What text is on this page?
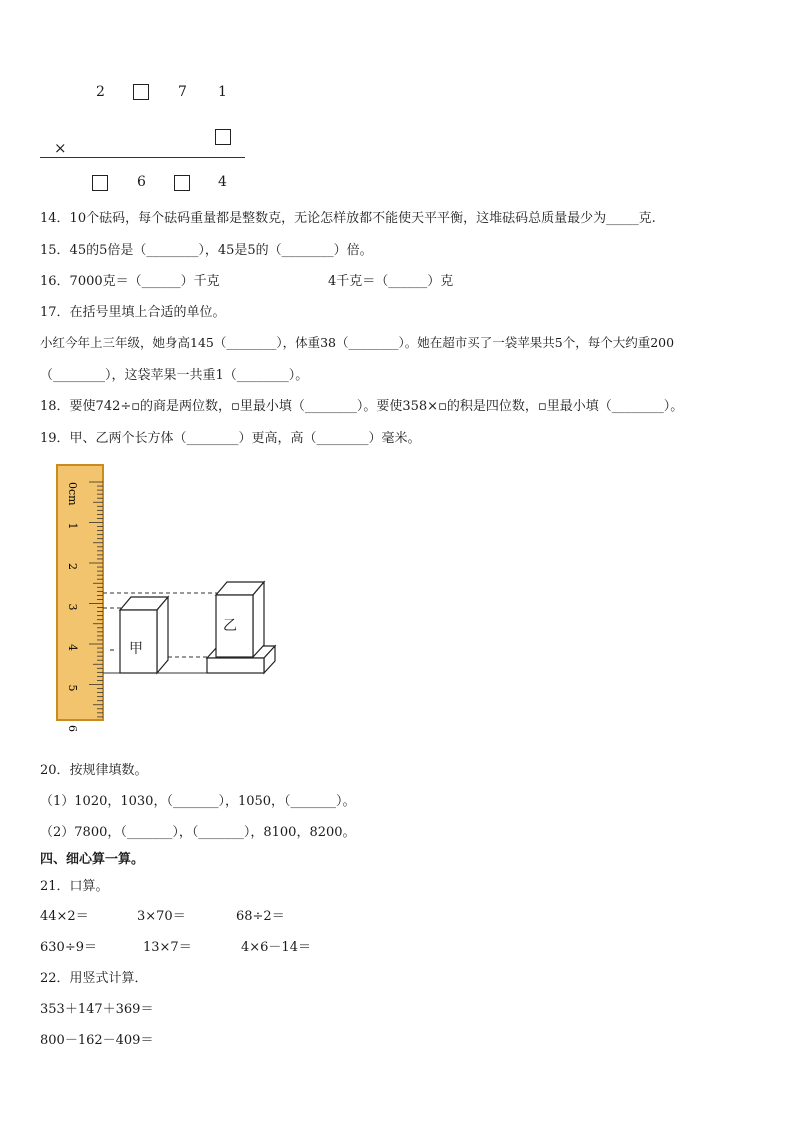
2	7 1
×
6	4
14．10个砝码，每个砝码重量都是整数克，无论怎样放都不能使天平平衡，这堆砝码总质量最少为_____克.
15．45的5倍是（________），45是5的（________）倍。
16．7000克＝（______）千克	4千克＝（______）克
17．在括号里填上合适的单位。
小红今年上三年级，她身高145（________），体重38（________）。她在超市买了一袋苹果共5个，每个大约重200
（________），这袋苹果一共重1（________）。
18．要使742÷▫的商是两位数，▫里最小填（________）。要使358×▫的积是四位数，▫里最小填（________）。
19．甲、乙两个长方体（________）更高，高（________）毫米。
0cm
1
2
3
4
5
6
甲
乙
20．按规律填数。
（1）1020，1030，（_______），1050，（_______）。
（2）7800，（_______），（_______），8100，8200。
四、细心算一算。
21．口算。
44×2＝	3×70＝	68÷2＝
630÷9＝	13×7＝	4×6－14＝
22．用竖式计算．
353＋147＋369＝
800－162－409＝
